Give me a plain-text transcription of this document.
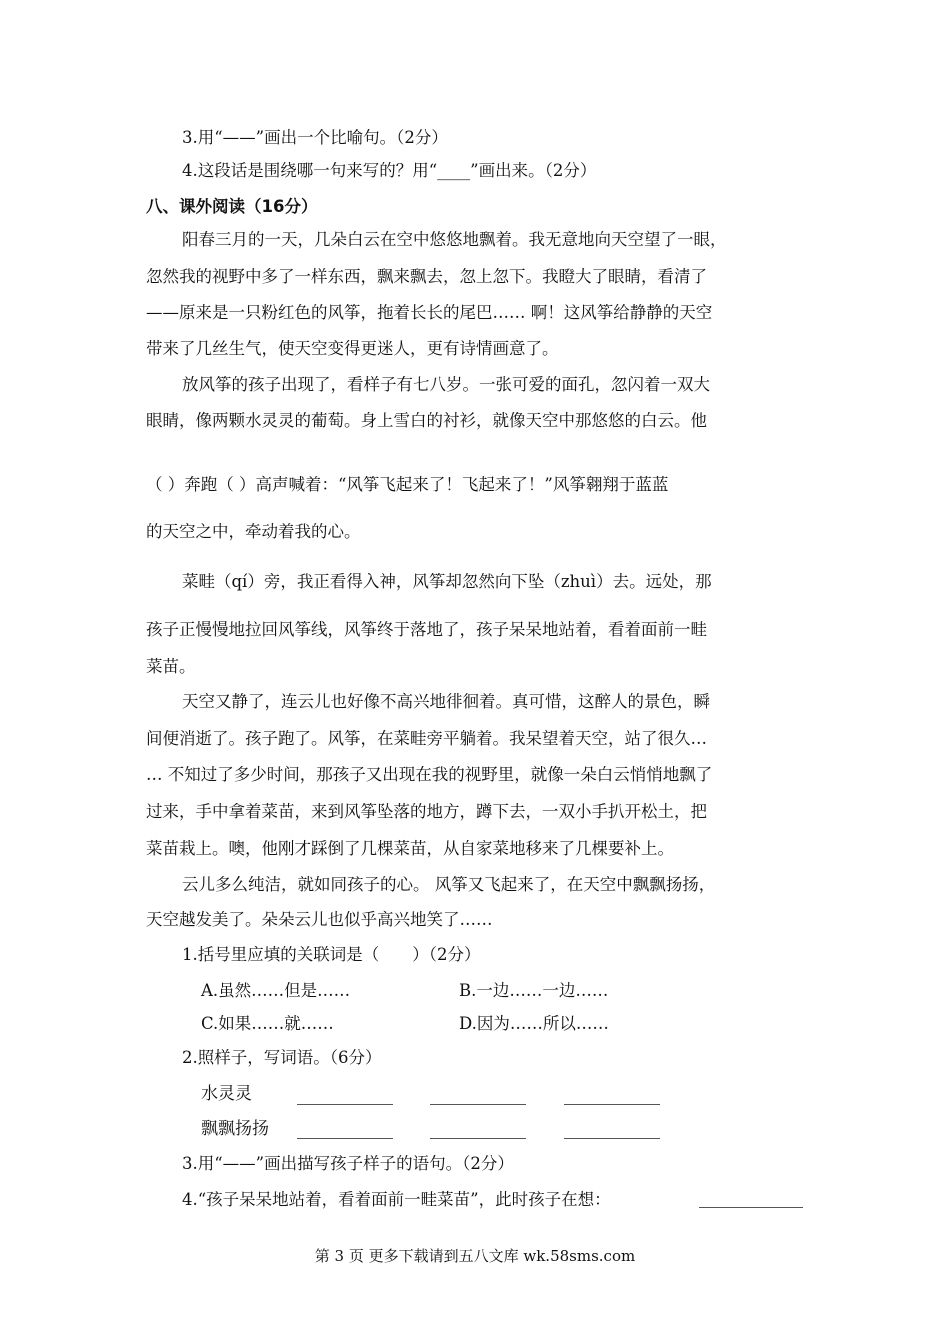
3.用“——”画出一个比喻句。（2分）
4.这段话是围绕哪一句来写的？用“____”画出来。（2分）
八、课外阅读（16分）
阳春三月的一天，几朵白云在空中悠悠地飘着。我无意地向天空望了一眼，
忽然我的视野中多了一样东西，飘来飘去，忽上忽下。我瞪大了眼睛，看清了
——原来是一只粉红色的风筝，拖着长长的尾巴…… 啊！这风筝给静静的天空
带来了几丝生气，使天空变得更迷人，更有诗情画意了。
放风筝的孩子出现了，看样子有七八岁。一张可爱的面孔，忽闪着一双大
眼睛，像两颗水灵灵的葡萄。身上雪白的衬衫，就像天空中那悠悠的白云。他
（ ）奔跑（ ）高声喊着：“风筝飞起来了！飞起来了！”风筝翱翔于蓝蓝
的天空之中，牵动着我的心。
菜畦（qí）旁，我正看得入神，风筝却忽然向下坠（zhuì）去。远处，那
孩子正慢慢地拉回风筝线，风筝终于落地了，孩子呆呆地站着，看着面前一畦
菜苗。
天空又静了，连云儿也好像不高兴地徘徊着。真可惜，这醉人的景色，瞬
间便消逝了。孩子跑了。风筝，在菜畦旁平躺着。我呆望着天空，站了很久…
… 不知过了多少时间，那孩子又出现在我的视野里，就像一朵白云悄悄地飘了
过来，手中拿着菜苗，来到风筝坠落的地方，蹲下去，一双小手扒开松土，把
菜苗栽上。噢，他刚才踩倒了几棵菜苗，从自家菜地移来了几棵要补上。
云儿多么纯洁，就如同孩子的心。 风筝又飞起来了，在天空中飘飘扬扬，
天空越发美了。朵朵云儿也似乎高兴地笑了……
1.括号里应填的关联词是（　　）（2分）
A.虽然……但是……	B.一边……一边……
C.如果……就……	D.因为……所以……
2.照样子，写词语。（6分）
水灵灵
飘飘扬扬
3.用“——”画出描写孩子样子的语句。（2分）
4.“孩子呆呆地站着，看着面前一畦菜苗”，此时孩子在想：
第 3 页 更多下载请到五八文库 wk.58sms.com
